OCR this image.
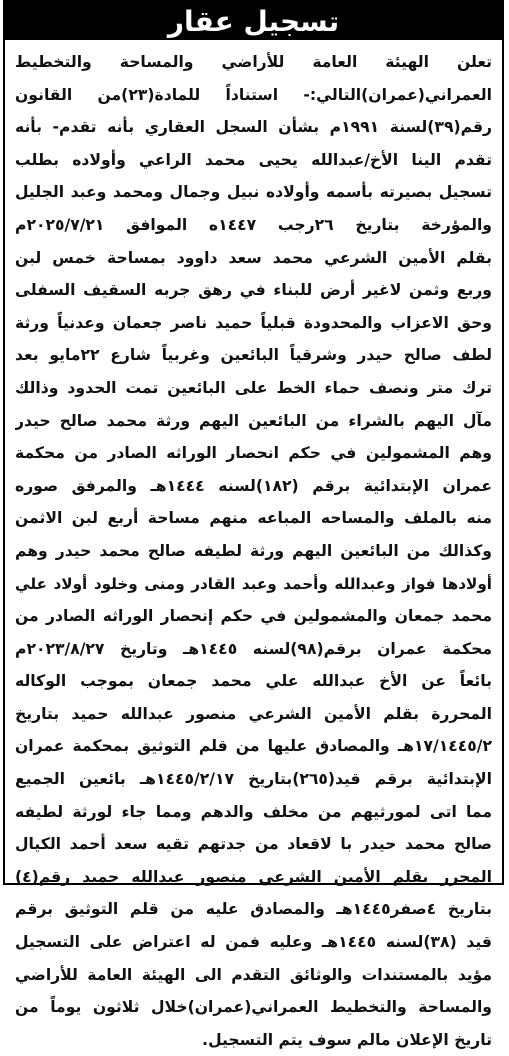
تسجيل عقار
تعلن الهيئة العامة للأراضي والمساحة والتخطيط
العمراني(عمران)التالي:- استناداً للمادة(٢٣)من القانون
رقم(٣٩)لسنة ١٩٩١م بشأن السجل العقاري بأنه تقدم- بأنه
تقدم الينا الأخ/عبدالله يحيى محمد الراعي وأولاده بطلب
تسجيل بصيرته بأسمه وأولاده نبيل وجمال ومحمد وعبد الجليل
والمؤرخة بتاريخ ٢٦رجب ١٤٤٧ه الموافق ٢٠٢٥/٧/٢١م
بقلم الأمين الشرعي محمد سعد داوود بمساحة خمس لبن
وربع وثمن لاغير أرض للبناء في رهق جربه السقيف السفلى
وحق الاعزاب والمحدودة قبلياً حميد ناصر جعمان وعدنياً ورثة
لطف صالح حيدر وشرقياً البائعين وغربياً شارع ٢٢مايو بعد
ترك متر ونصف حماء الخط على البائعين تمت الحدود وذالك
مآل اليهم بالشراء من البائعين اليهم ورثة محمد صالح حيدر
وهم المشمولين في حكم انحصار الوراثه الصادر من محكمة
عمران الإبتدائية برقم (١٨٢)لسنه ١٤٤٤هـ والمرفق صوره
منه بالملف والمساحه المباعه منهم مساحة أربع لبن الاثمن
وكذالك من البائعين اليهم ورثة لطيفه صالح محمد حيدر وهم
أولادها فواز وعبدالله وأحمد وعبد القادر ومنى وخلود أولاد علي
محمد جمعان والمشمولين في حكم إنحصار الوراثه الصادر من
محكمة عمران برقم(٩٨)لسنه ١٤٤٥هـ وتاريخ ٢٠٢٣/٨/٢٧م
بائعاً عن الأخ عبدالله علي محمد جمعان بموجب الوكاله
المحررة بقلم الأمين الشرعي منصور عبدالله حميد بتاريخ
١٧/١٤٤٥/٢هـ والمصادق عليها من قلم التوثيق بمحكمة عمران
الإبتدائية برقم قيد(٢٦٥)بتاريخ ١٤٤٥/٢/١٧هـ بائعين الجميع
مما اتى لمورثيهم من مخلف والدهم ومما جاء لورثة لطيفه
صالح محمد حيدر با لاقعاد من جدتهم تقيه سعد أحمد الكيال
المحرر بقلم الأمين الشرعي منصور عبدالله حميد رقم(٤)
بتاريخ ٤صفر١٤٤٥هـ والمصادق عليه من قلم التوثيق برقم
قيد (٣٨)لسنه ١٤٤٥هـ وعليه فمن له اعتراض على التسجيل
مؤيد بالمستندات والوثائق التقدم الى الهيئة العامة للأراضي
والمساحة والتخطيط العمراني(عمران)خلال ثلاثون يوماً من
تاريخ الإعلان مالم سوف يتم التسجيل.
